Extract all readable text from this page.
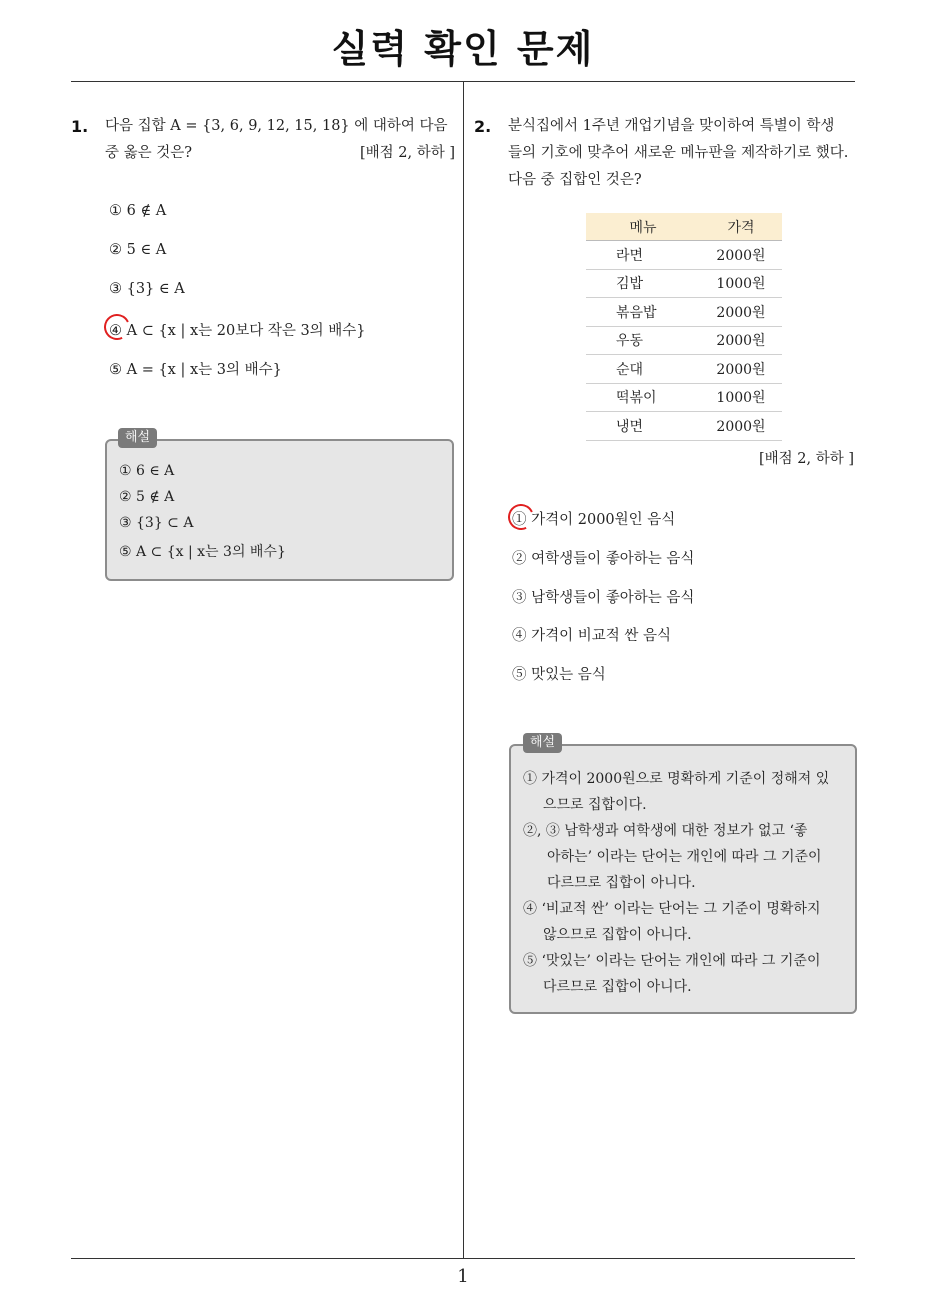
실력 확인 문제
1. 다음 집합 A = {3, 6, 9, 12, 15, 18} 에 대하여 다음
중 옳은 것은?	[배점 2, 하하 ]
① 6 ∉ A
② 5 ∈ A
③ {3} ∈ A
④ A ⊂ {x | x는 20보다 작은 3의 배수}
⑤ A = {x | x는 3의 배수}
① 6 ∈ A
② 5 ∉ A
③ {3} ⊂ A
⑤ A ⊂ {x | x는 3의 배수}
해설
2. 분식집에서 1주년 개업기념을 맞이하여 특별이 학생
들의 기호에 맞추어 새로운 메뉴판을 제작하기로 했다.
다음 중 집합인 것은?
메뉴	가격
라면	2000원
김밥	1000원
볶음밥	2000원
우동	2000원
순대	2000원
떡볶이	1000원
냉면	2000원
[배점 2, 하하 ]
① 가격이 2000원인 음식
② 여학생들이 좋아하는 음식
③ 남학생들이 좋아하는 음식
④ 가격이 비교적 싼 음식
⑤ 맛있는 음식
① 가격이 2000원으로 명확하게 기준이 정해져 있
으므로 집합이다.
②, ③ 남학생과 여학생에 대한 정보가 없고 ‘좋
아하는’ 이라는 단어는 개인에 따라 그 기준이
다르므로 집합이 아니다.
④ ‘비교적 싼’ 이라는 단어는 그 기준이 명확하지
않으므로 집합이 아니다.
⑤ ‘맛있는’ 이라는 단어는 개인에 따라 그 기준이
다르므로 집합이 아니다.
해설
1
